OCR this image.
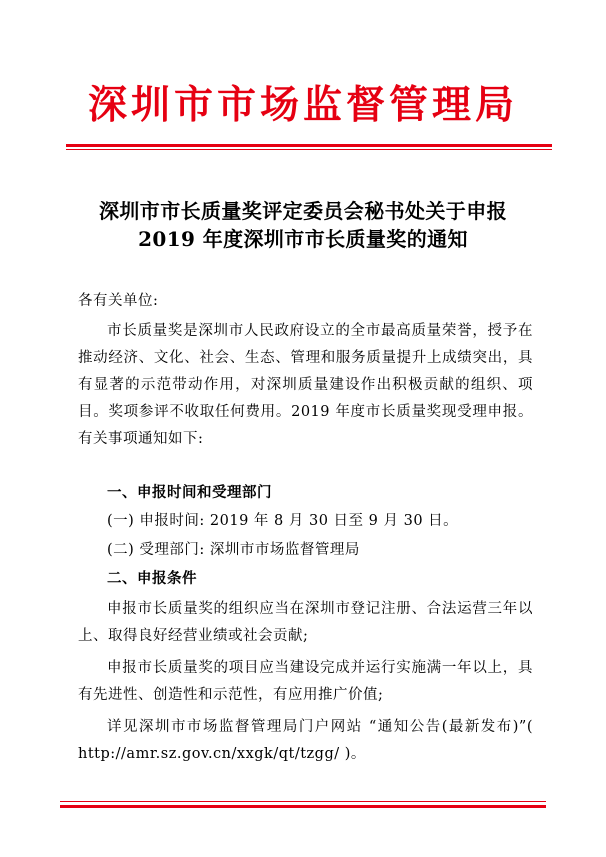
深圳市市场监督管理局
深圳市市长质量奖评定委员会秘书处关于申报
2019 年度深圳市市长质量奖的通知
各有关单位:
市长质量奖是深圳市人民政府设立的全市最高质量荣誉，授予在推动经济、文化、社会、生态、管理和服务质量提升上成绩突出，具有显著的示范带动作用，对深圳质量建设作出积极贡献的组织、项目。奖项参评不收取任何费用。2019 年度市长质量奖现受理申报。有关事项通知如下:
一、申报时间和受理部门
(一) 申报时间: 2019 年 8 月 30 日至 9 月 30 日。
(二) 受理部门: 深圳市市场监督管理局
二、申报条件
申报市长质量奖的组织应当在深圳市登记注册、合法运营三年以上、取得良好经营业绩或社会贡献;
申报市长质量奖的项目应当建设完成并运行实施满一年以上，具有先进性、创造性和示范性，有应用推广价值;
详见深圳市市场监督管理局门户网站 “通知公告(最新发布)”( http://amr.sz.gov.cn/xxgk/qt/tzgg/ )。
